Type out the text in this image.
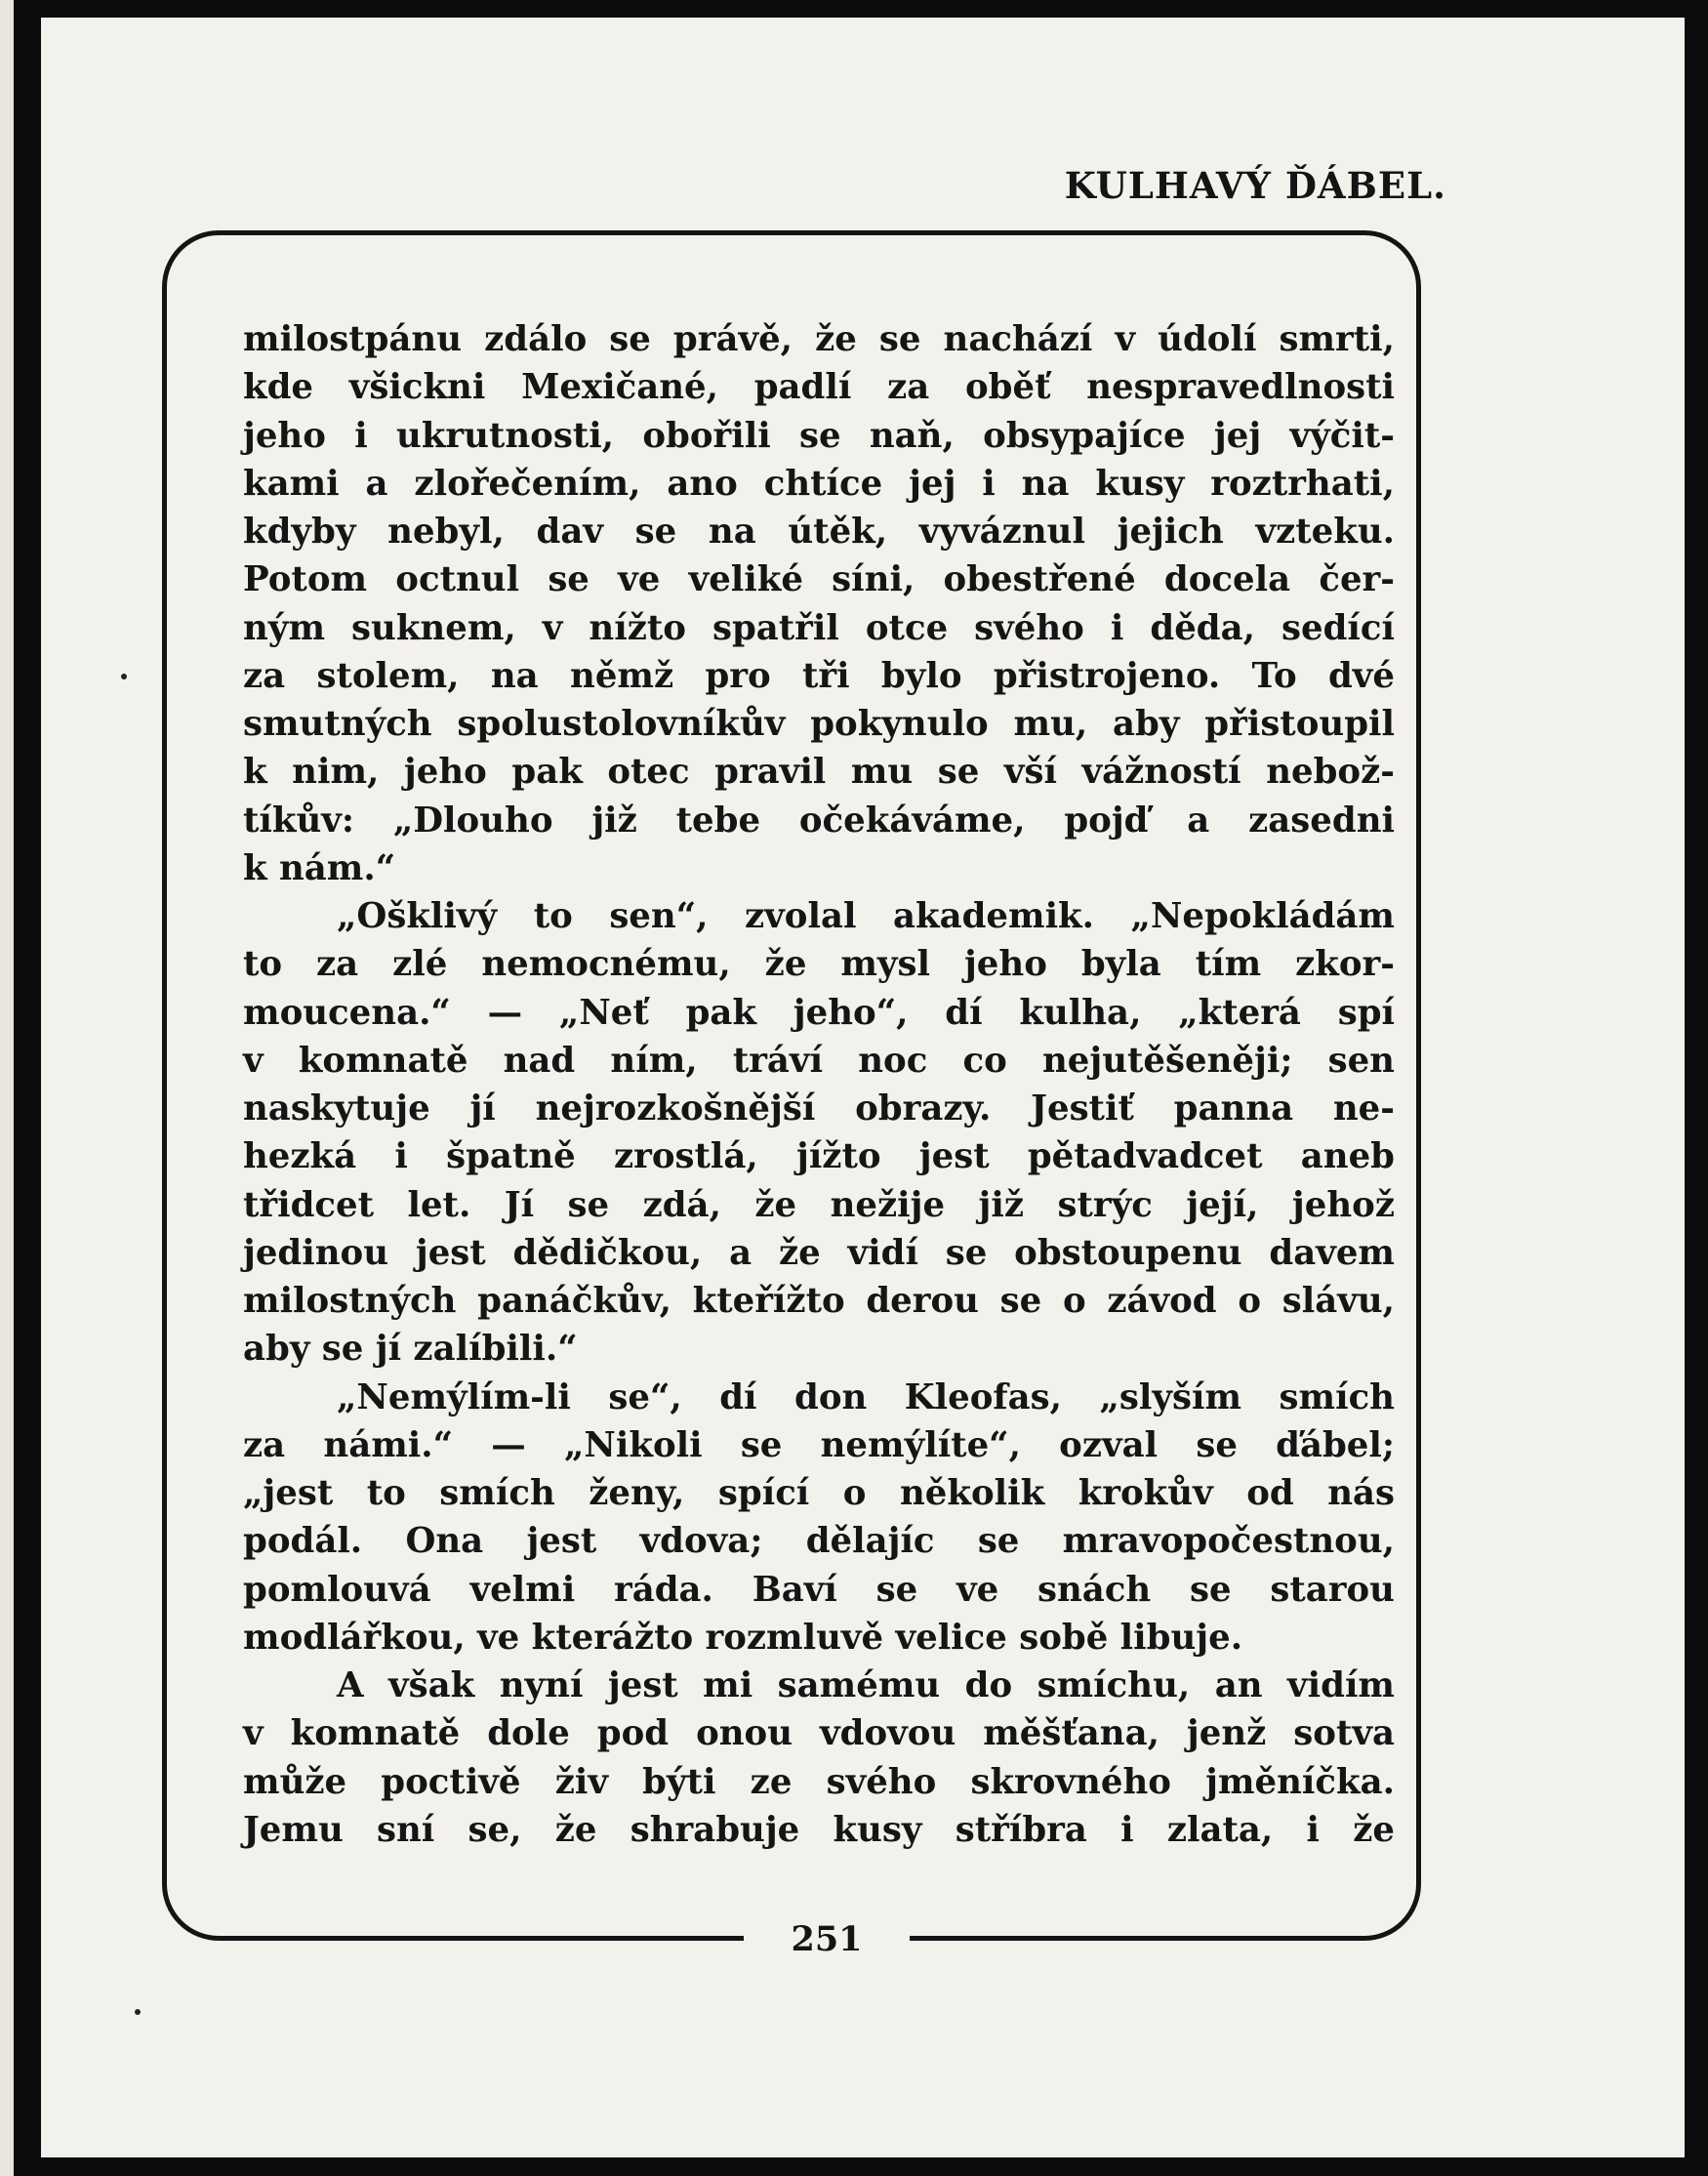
KULHAVÝ ĎÁBEL.
251
milostpánu zdálo se právě, že se nachází v údolí smrti,
kde všickni Mexičané, padlí za oběť nespravedlnosti
jeho i ukrutnosti, obořili se naň, obsypajíce jej výčit-
kami a zlořečením, ano chtíce jej i na kusy roztrhati,
kdyby nebyl, dav se na útěk, vyváznul jejich vzteku.
Potom octnul se ve veliké síni, obestřené docela čer-
ným suknem, v nížto spatřil otce svého i děda, sedící
za stolem, na němž pro tři bylo přistrojeno. To dvé
smutných spolustolovníkův pokynulo mu, aby přistoupil
k nim, jeho pak otec pravil mu se vší vážností nebož-
tíkův: „Dlouho již tebe očekáváme, pojď a zasedni
k nám.“
„Ošklivý to sen“, zvolal akademik. „Nepokládám
to za zlé nemocnému, že mysl jeho byla tím zkor-
moucena.“ — „Neť pak jeho“, dí kulha, „která spí
v komnatě nad ním, tráví noc co nejutěšeněji; sen
naskytuje jí nejrozkošnější obrazy. Jestiť panna ne-
hezká i špatně zrostlá, jížto jest pětadvadcet aneb
třidcet let. Jí se zdá, že nežije již strýc její, jehož
jedinou jest dědičkou, a že vidí se obstoupenu davem
milostných panáčkův, kteřížto derou se o závod o slávu,
aby se jí zalíbili.“
„Nemýlím-li se“, dí don Kleofas, „slyším smích
za námi.“ — „Nikoli se nemýlíte“, ozval se ďábel;
„jest to smích ženy, spící o několik krokův od nás
podál. Ona jest vdova; dělajíc se mravopočestnou,
pomlouvá velmi ráda. Baví se ve snách se starou
modlářkou, ve kterážto rozmluvě velice sobě libuje.
A však nyní jest mi samému do smíchu, an vidím
v komnatě dole pod onou vdovou měšťana, jenž sotva
může poctivě živ býti ze svého skrovného jměníčka.
Jemu sní se, že shrabuje kusy stříbra i zlata, i že
